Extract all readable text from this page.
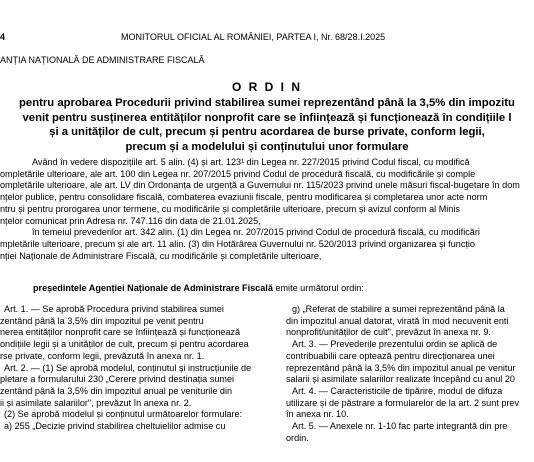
4	MONITORUL OFICIAL AL ROMÂNIEI, PARTEA I, Nr. 68/28.I.2025
ANȚIA NAȚIONALĂ DE ADMINISTRARE FISCALĂ
O R D I N
pentru aprobarea Procedurii privind stabilirea sumei reprezentând până la 3,5% din impozitu
venit pentru susținerea entităților nonprofit care se înființează și funcționează în condițiile l
și a unităților de cult, precum și pentru acordarea de burse private, conform legii,
precum și a modelului și conținutului unor formulare

Având în vedere dispozițiile art. 5 alin. (4) și art. 123¹ din Legea nr. 227/2015 privind Codul fiscal, cu modifică

ompletările ulterioare, ale art. 100 din Legea nr. 207/2015 privind Codul de procedură fiscală, cu modificările și comple

ompletările ulterioare, ale art. LV din Ordonanța de urgență a Guvernului nr. 115/2023 privind unele măsuri fiscal-bugetare în dom

nțelor publice, pentru consolidare fiscală, combaterea evaziunii fiscale, pentru modificarea și completarea unor acte norm

ntru și pentru prorogarea unor termene, cu modificările și completările ulterioare, precum și avizul conform al Minis

nțelor comunicat prin Adresa nr. 747.116 din data de 21.01.2025,

în temeiul prevederilor art. 342 alin. (1) din Legea nr. 207/2015 privind Codul de procedură fiscală, cu modificări

mpletările ulterioare, precum și ale art. 11 alin. (3) din Hotărârea Guvernului nr. 520/2013 privind organizarea și funcțio

nției Naționale de Administrare Fiscală, cu modificările și completările ulterioare,

președintele Agenției Naționale de Administrare Fiscală emite următorul ordin:

Art. 1. — Se aprobă Procedura privind stabilirea sumei

zentând până la 3,5% din impozitul pe venit pentru

nerea entităților nonprofit care se înființează și funcționează

ondițiile legii și a unităților de cult, precum și pentru acordarea

rse private, conform legii, prevăzută în anexa nr. 1.

Art. 2. — (1) Se aprobă modelul, conținutul și instrucțiunile de

pletare a formularului 230 „Cerere privind destinația sumei

zentând până la 3,5% din impozitul anual pe veniturile din

ii și asimilate salariilor", prevăzut în anexa nr. 2.

(2) Se aprobă modelul și conținutul următoarelor formulare:

a) 255 „Decizie privind stabilirea cheltuielilor admise cu

g) „Referat de stabilire a sumei reprezentând până la

din impozitul anual datorat, virată în mod necuvenit enti

nonprofit/unităților de cult", prevăzut în anexa nr. 9.

Art. 3. — Prevederile prezentului ordin se aplică de

contribuabilii care optează pentru direcționarea unei

reprezentând până la 3,5% din impozitul anual pe venitur

salarii și asimilate salariilor realizate începând cu anul 20

Art. 4. — Caracteristicile de tipărire, modul de difuza

utilizare și de păstrare a formularelor de la art. 2 sunt prev

în anexa nr. 10.

Art. 5. — Anexele nr. 1-10 fac parte integrantă din pre

ordin.
